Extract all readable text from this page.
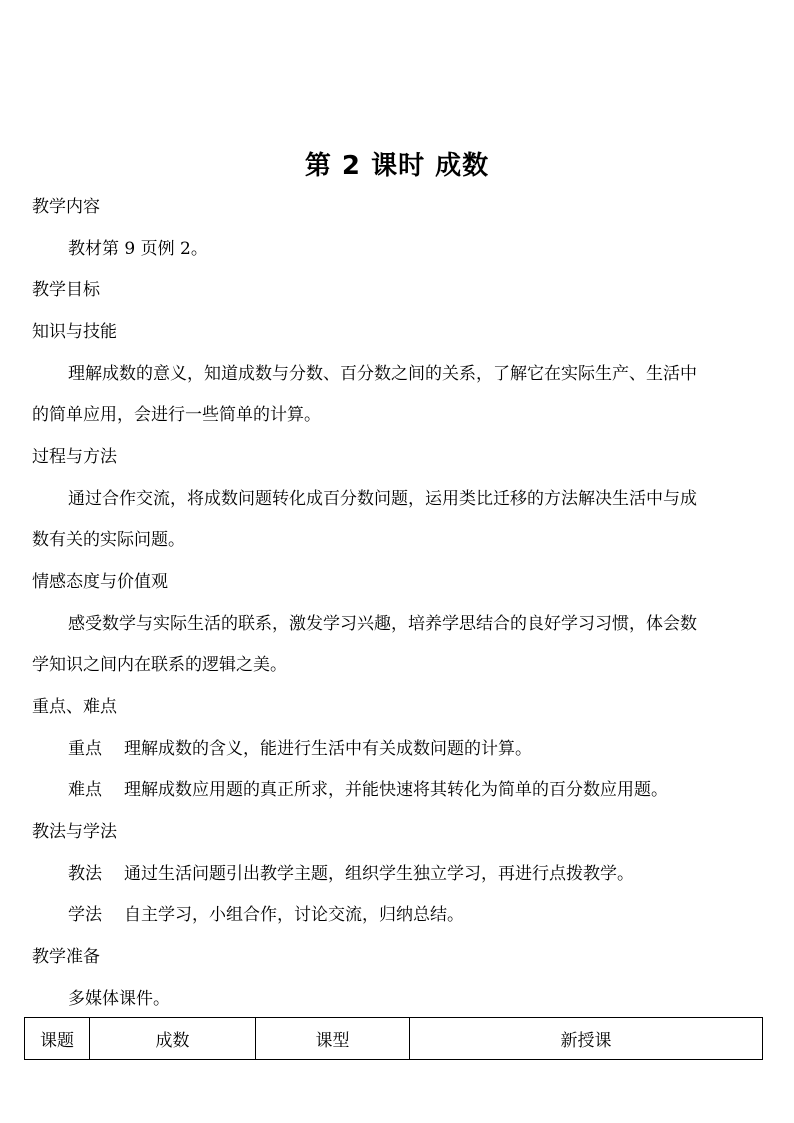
第 2 课时 成数
教学内容
教材第 9 页例 2。
教学目标
知识与技能
理解成数的意义，知道成数与分数、百分数之间的关系，了解它在实际生产、生活中
的简单应用，会进行一些简单的计算。
过程与方法
通过合作交流，将成数问题转化成百分数问题，运用类比迁移的方法解决生活中与成
数有关的实际问题。
情感态度与价值观
感受数学与实际生活的联系，激发学习兴趣，培养学思结合的良好学习习惯，体会数
学知识之间内在联系的逻辑之美。
重点、难点
重点 理解成数的含义，能进行生活中有关成数问题的计算。
难点 理解成数应用题的真正所求，并能快速将其转化为简单的百分数应用题。
教法与学法
教法 通过生活问题引出教学主题，组织学生独立学习，再进行点拨教学。
学法 自主学习，小组合作，讨论交流，归纳总结。
教学准备
多媒体课件。
课题	成数	课型	新授课
